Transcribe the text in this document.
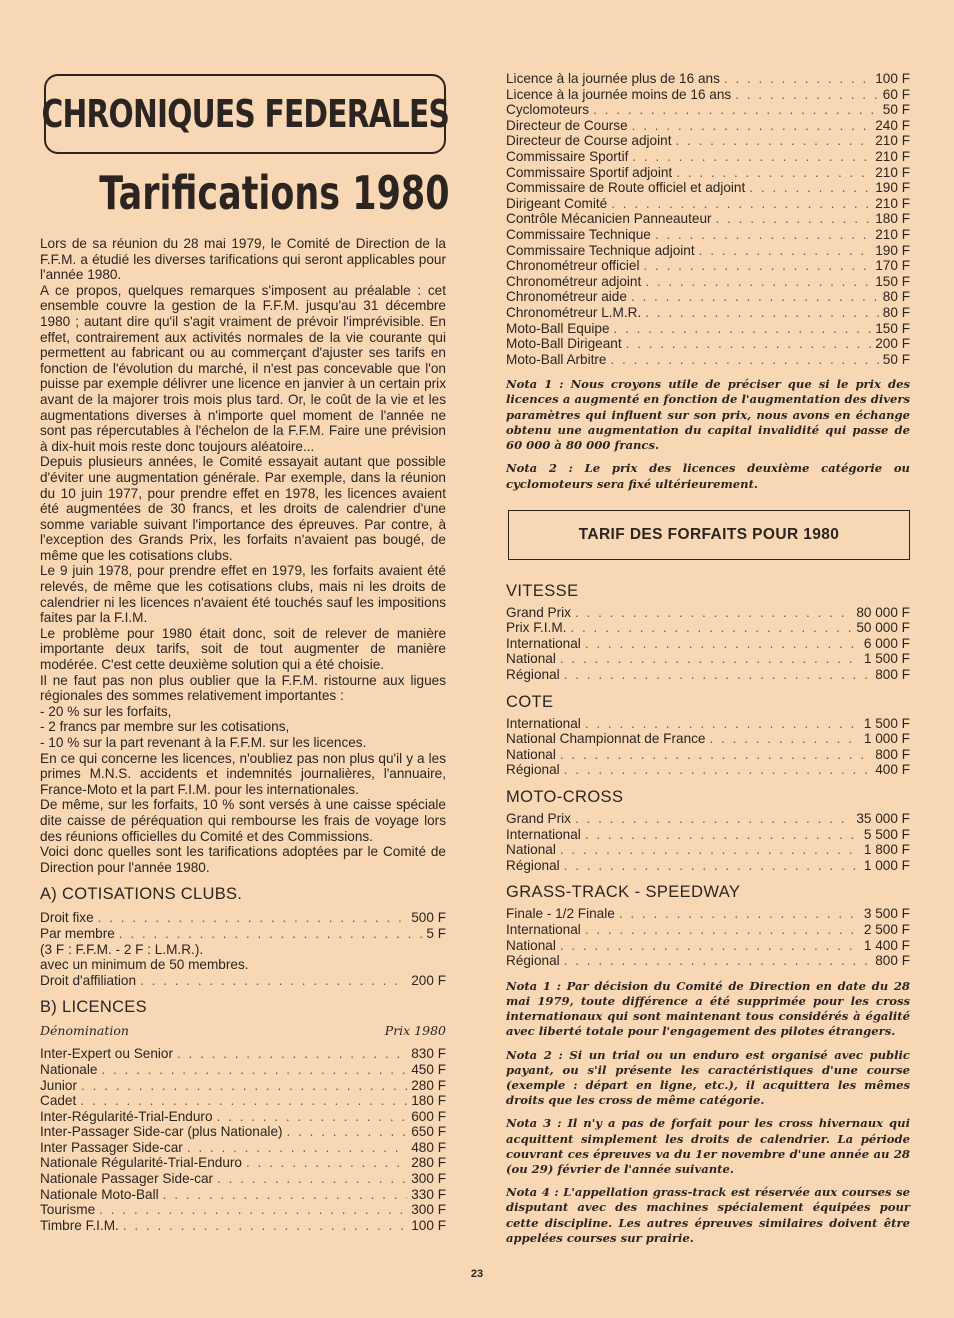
CHRONIQUES FEDERALES
Tarifications 1980

Lors de sa réunion du 28 mai 1979, le Comité de Direction de la F.F.M. a étudié les diverses tarifications qui seront applicables pour l'année 1980.

A ce propos, quelques remarques s'imposent au préalable : cet ensemble couvre la gestion de la F.F.M. jusqu'au 31 décembre 1980 ; autant dire qu'il s'agit vraiment de prévoir l'imprévisible. En effet, contrairement aux activités normales de la vie courante qui permettent au fabricant ou au commerçant d'ajuster ses tarifs en fonction de l'évolution du marché, il n'est pas concevable que l'on puisse par exemple délivrer une licence en janvier à un certain prix avant de la majorer trois mois plus tard. Or, le coût de la vie et les augmentations diverses à n'importe quel moment de l'année ne sont pas répercutables à l'échelon de la F.F.M. Faire une prévision à dix-huit mois reste donc toujours aléatoire...

Depuis plusieurs années, le Comité essayait autant que possible d'éviter une augmentation générale. Par exemple, dans la réunion du 10 juin 1977, pour prendre effet en 1978, les licences avaient été augmentées de 30 francs, et les droits de calendrier d'une somme variable suivant l'importance des épreuves. Par contre, à l'exception des Grands Prix, les forfaits n'avaient pas bougé, de même que les cotisations clubs.

Le 9 juin 1978, pour prendre effet en 1979, les forfaits avaient été relevés, de même que les cotisations clubs, mais ni les droits de calendrier ni les licences n'avaient été touchés sauf les impositions faites par la F.I.M.

Le problème pour 1980 était donc, soit de relever de manière importante deux tarifs, soit de tout augmenter de manière modérée. C'est cette deuxième solution qui a été choisie.

Il ne faut pas non plus oublier que la F.F.M. ristourne aux ligues régionales des sommes relativement importantes :

- 20 % sur les forfaits,

- 2 francs par membre sur les cotisations,

- 10 % sur la part revenant à la F.F.M. sur les licences.

En ce qui concerne les licences, n'oubliez pas non plus qu'il y a les primes M.N.S. accidents et indemnités journalières, l'annuaire, France-Moto et la part F.I.M. pour les internationales.

De même, sur les forfaits, 10 % sont versés à une caisse spéciale dite caisse de péréquation qui rembourse les frais de voyage lors des réunions officielles du Comité et des Commissions.

Voici donc quelles sont les tarifications adoptées par le Comité de Direction pour l'année 1980.

A) COTISATIONS CLUBS.
Droit fixe . . .	500 F
Par membre . . .	5 F
(3 F : F.F.M. - 2 F : L.M.R.).
avec un minimum de 50 membres.
Droit d'affiliation . . .	200 F
B) LICENCES
Dénomination	Prix 1980
Inter-Expert ou Senior . . .	830 F
Nationale . . .	450 F
Junior . . .	280 F
Cadet . . .	180 F
Inter-Régularité-Trial-Enduro . . .	600 F
Inter-Passager Side-car (plus Nationale) . . .	650 F
Inter Passager Side-car . . .	480 F
Nationale Régularité-Trial-Enduro . . .	280 F
Nationale Passager Side-car . . .	300 F
Nationale Moto-Ball . . .	330 F
Tourisme . . .	300 F
Timbre F.I.M. . . .	100 F
Licence à la journée plus de 16 ans . . .	100 F
Licence à la journée moins de 16 ans . . .	60 F
Cyclomoteurs . . .	50 F
Directeur de Course . . .	240 F
Directeur de Course adjoint . . .	210 F
Commissaire Sportif . . .	210 F
Commissaire Sportif adjoint . . .	210 F
Commissaire de Route officiel et adjoint . . .	190 F
Dirigeant Comité . . .	210 F
Contrôle Mécanicien Panneauteur . . .	180 F
Commissaire Technique . . .	210 F
Commissaire Technique adjoint . . .	190 F
Chronométreur officiel . . .	170 F
Chronométreur adjoint . . .	150 F
Chronométreur aide . . .	80 F
Chronométreur L.M.R. . . .	80 F
Moto-Ball Equipe . . .	150 F
Moto-Ball Dirigeant . . .	200 F
Moto-Ball Arbitre . . .	50 F

Nota 1 : Nous croyons utile de préciser que si le prix des licences a augmenté en fonction de l'augmentation des divers paramètres qui influent sur son prix, nous avons en échange obtenu une augmentation du capital invalidité qui passe de 60 000 à 80 000 francs.

Nota 2 : Le prix des licences deuxième catégorie ou cyclomoteurs sera fixé ultérieurement.

TARIF DES FORFAITS POUR 1980
VITESSE
Grand Prix . . .	80 000 F
Prix F.I.M. . . .	50 000 F
International . . .	6 000 F
National . . .	1 500 F
Régional . . .	800 F
COTE
International . . .	1 500 F
National Championnat de France . . .	1 000 F
National . . .	800 F
Régional . . .	400 F
MOTO-CROSS
Grand Prix . . .	35 000 F
International . . .	5 500 F
National . . .	1 800 F
Régional . . .	1 000 F
GRASS-TRACK - SPEEDWAY
Finale - 1/2 Finale . . .	3 500 F
International . . .	2 500 F
National . . .	1 400 F
Régional . . .	800 F

Nota 1 : Par décision du Comité de Direction en date du 28 mai 1979, toute différence a été supprimée pour les cross internationaux qui sont maintenant tous considérés à égalité avec liberté totale pour l'engagement des pilotes étrangers.

Nota 2 : Si un trial ou un enduro est organisé avec public payant, ou s'il présente les caractéristiques d'une course (exemple : départ en ligne, etc.), il acquittera les mêmes droits que les cross de même catégorie.

Nota 3 : Il n'y a pas de forfait pour les cross hivernaux qui acquittent simplement les droits de calendrier. La période couvrant ces épreuves va du 1er novembre d'une année au 28 (ou 29) février de l'année suivante.

Nota 4 : L'appellation grass-track est réservée aux courses se disputant avec des machines spécialement équipées pour cette discipline. Les autres épreuves similaires doivent être appelées courses sur prairie.

23
